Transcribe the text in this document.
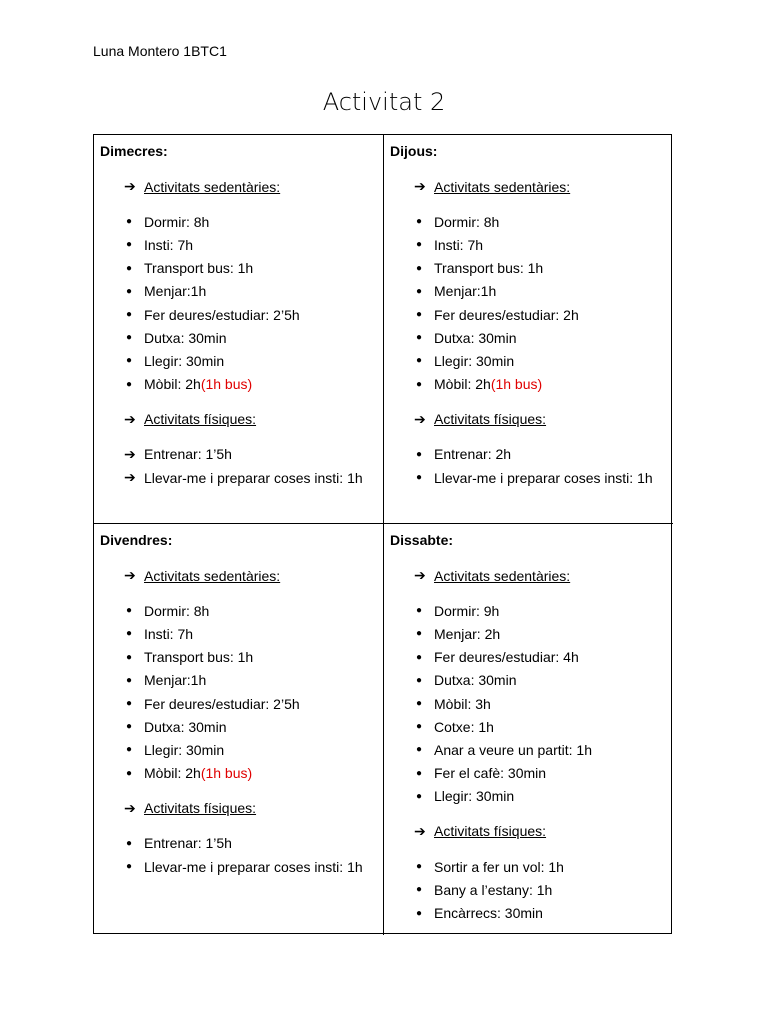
Luna Montero 1BTC1
Activitat 2
Dimecres:
➔ Activitats sedentàries:
● Dormir: 8h
● Insti: 7h
● Transport bus: 1h
● Menjar:1h
● Fer deures/estudiar: 2’5h
● Dutxa: 30min
● Llegir: 30min
● Mòbil: 2h (1h bus)
➔ Activitats físiques:
➔ Entrenar: 1’5h
➔ Llevar-me i preparar coses insti: 1h
Dijous:
➔ Activitats sedentàries:
● Dormir: 8h
● Insti: 7h
● Transport bus: 1h
● Menjar:1h
● Fer deures/estudiar: 2h
● Dutxa: 30min
● Llegir: 30min
● Mòbil: 2h (1h bus)
➔ Activitats físiques:
● Entrenar: 2h
● Llevar-me i preparar coses insti: 1h
Divendres:
➔ Activitats sedentàries:
● Dormir: 8h
● Insti: 7h
● Transport bus: 1h
● Menjar:1h
● Fer deures/estudiar: 2’5h
● Dutxa: 30min
● Llegir: 30min
● Mòbil: 2h (1h bus)
➔ Activitats físiques:
● Entrenar: 1’5h
● Llevar-me i preparar coses insti: 1h
Dissabte:
➔ Activitats sedentàries:
● Dormir: 9h
● Menjar: 2h
● Fer deures/estudiar: 4h
● Dutxa: 30min
● Mòbil: 3h
● Cotxe: 1h
● Anar a veure un partit: 1h
● Fer el cafè: 30min
● Llegir: 30min
➔ Activitats físiques:
● Sortir a fer un vol: 1h
● Bany a l’estany: 1h
● Encàrrecs: 30min
